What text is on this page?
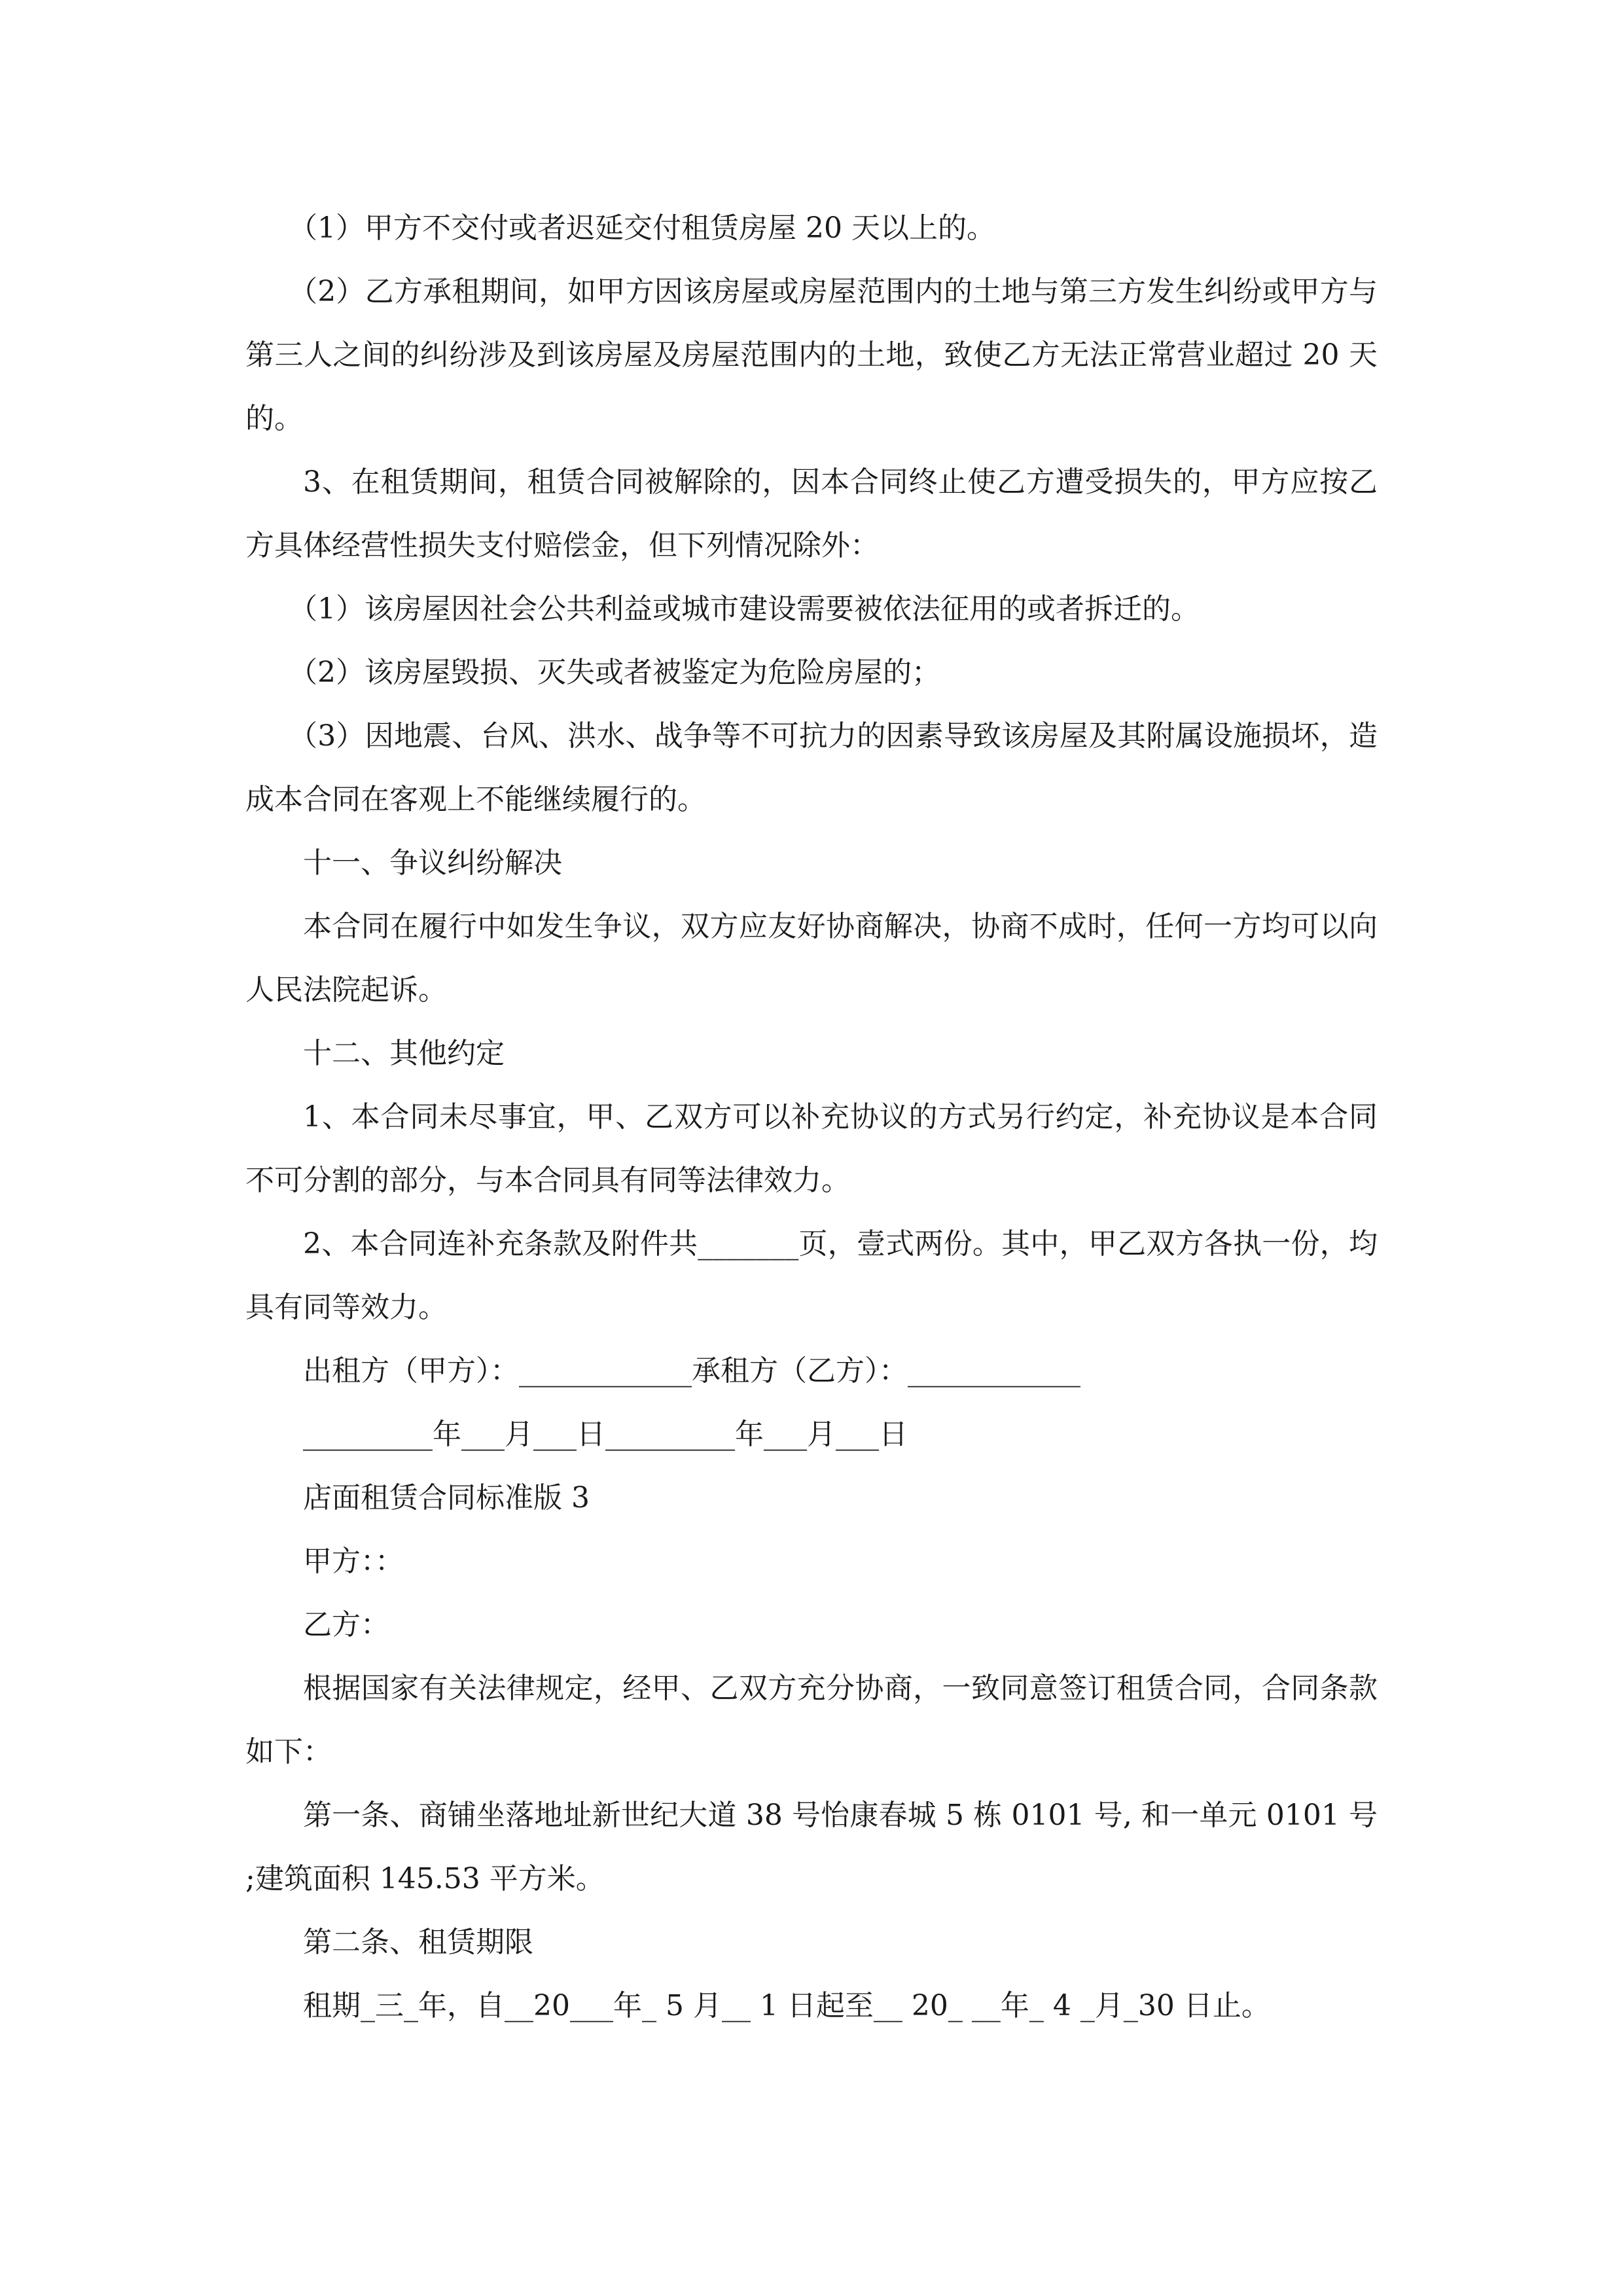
（1）甲方不交付或者迟延交付租赁房屋 20 天以上的。

（2）乙方承租期间，如甲方因该房屋或房屋范围内的土地与第三方发生纠纷或甲方与第三人之间的纠纷涉及到该房屋及房屋范围内的土地，致使乙方无法正常营业超过 20 天的。

3、在租赁期间，租赁合同被解除的，因本合同终止使乙方遭受损失的，甲方应按乙方具体经营性损失支付赔偿金，但下列情况除外：

（1）该房屋因社会公共利益或城市建设需要被依法征用的或者拆迁的。

（2）该房屋毁损、灭失或者被鉴定为危险房屋的；

（3）因地震、台风、洪水、战争等不可抗力的因素导致该房屋及其附属设施损坏，造成本合同在客观上不能继续履行的。

十一、争议纠纷解决

本合同在履行中如发生争议，双方应友好协商解决，协商不成时，任何一方均可以向人民法院起诉。

十二、其他约定

1、本合同未尽事宜，甲、乙双方可以补充协议的方式另行约定，补充协议是本合同不可分割的部分，与本合同具有同等法律效力。

2、本合同连补充条款及附件共_______页，壹式两份。其中，甲乙双方各执一份，均具有同等效力。

出租方（甲方）：____________承租方（乙方）：____________

_________年___月___日_________年___月___日

店面租赁合同标准版 3

甲方：：

乙方：

根据国家有关法律规定，经甲、乙双方充分协商，一致同意签订租赁合同，合同条款如下：

第一条、商铺坐落地址新世纪大道 38 号怡康春城 5 栋 0101 号, 和一单元 0101 号 ;建筑面积 145.53 平方米。

第二条、租赁期限

租期_三_年，自__20___年_ 5 月__ 1 日起至__ 20_ __年_ 4 _月_30 日止。
